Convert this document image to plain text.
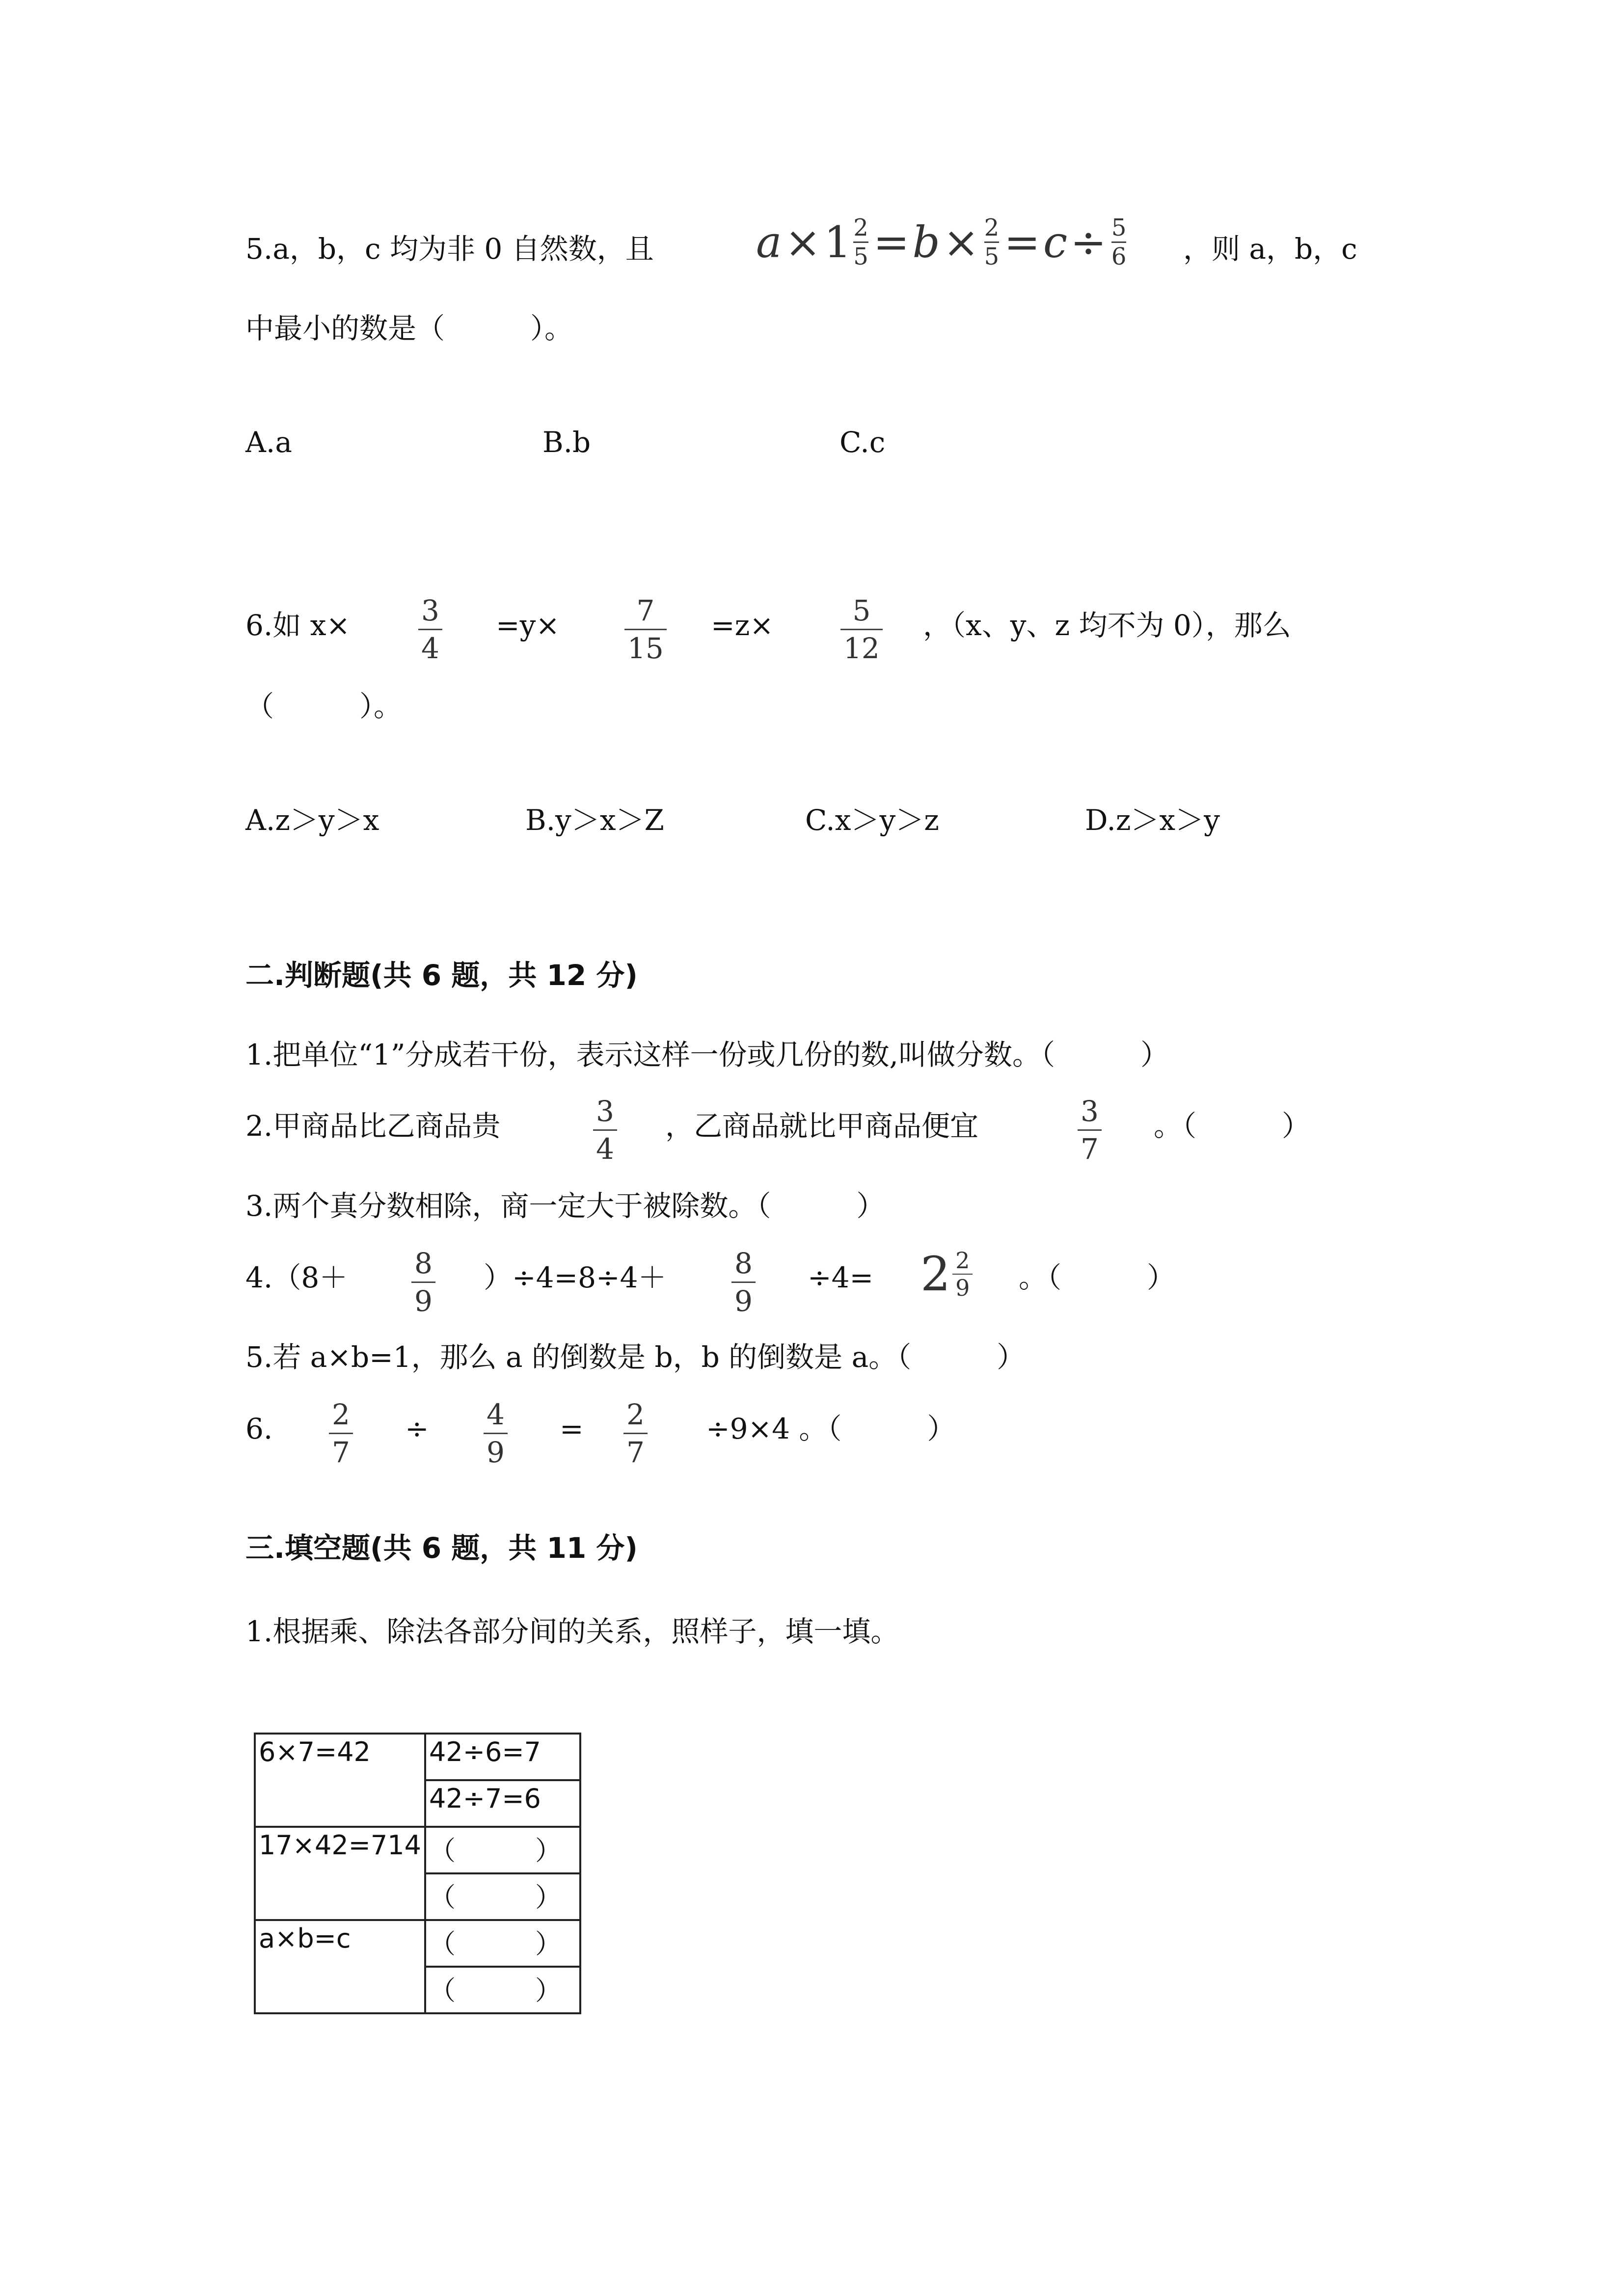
5.a，b，c 均为非 0 自然数，且 a × 1 2
5 = b × 2
5 = c ÷ 5
6 ，则 a，b，c
中最小的数是（　　　）。
A.a	B.b	C.c
6.如 x× 3
4
=y×	7
15
=z×	5
12
，（x、y、z 均不为 0），那么
（　　　）。
A.z＞y＞x	B.y＞x＞Z	C.x＞y＞z	D.z＞x＞y
二.判断题(共 6 题，共 12 分)
1.把单位“1”分成若干份，表示这样一份或几份的数,叫做分数。（　　　）
2.甲商品比乙商品贵	3
4
，乙商品就比甲商品便宜	3
7
。（　　　）
3.两个真分数相除，商一定大于被除数。（　　　）
4.（8＋ 8
9
）÷4=8÷4＋ 8
9
$\div 4= 2 \frac{2}{9}$ 。（　　　）
5.若 a×b=1，那么 a 的倒数是 b，b 的倒数是 a。（　　　）
6. 2
7
÷ 4
9
= 2
7
÷9×4 。（　　　）
三.填空题(共 6 题，共 11 分)
1.根据乘、除法各部分间的关系，照样子，填一填。
6×7=42	42÷6=7
	42÷7=6
17×42=714	（　　　）
	（　　　）
a×b=c	（　　　）
	（　　　）
